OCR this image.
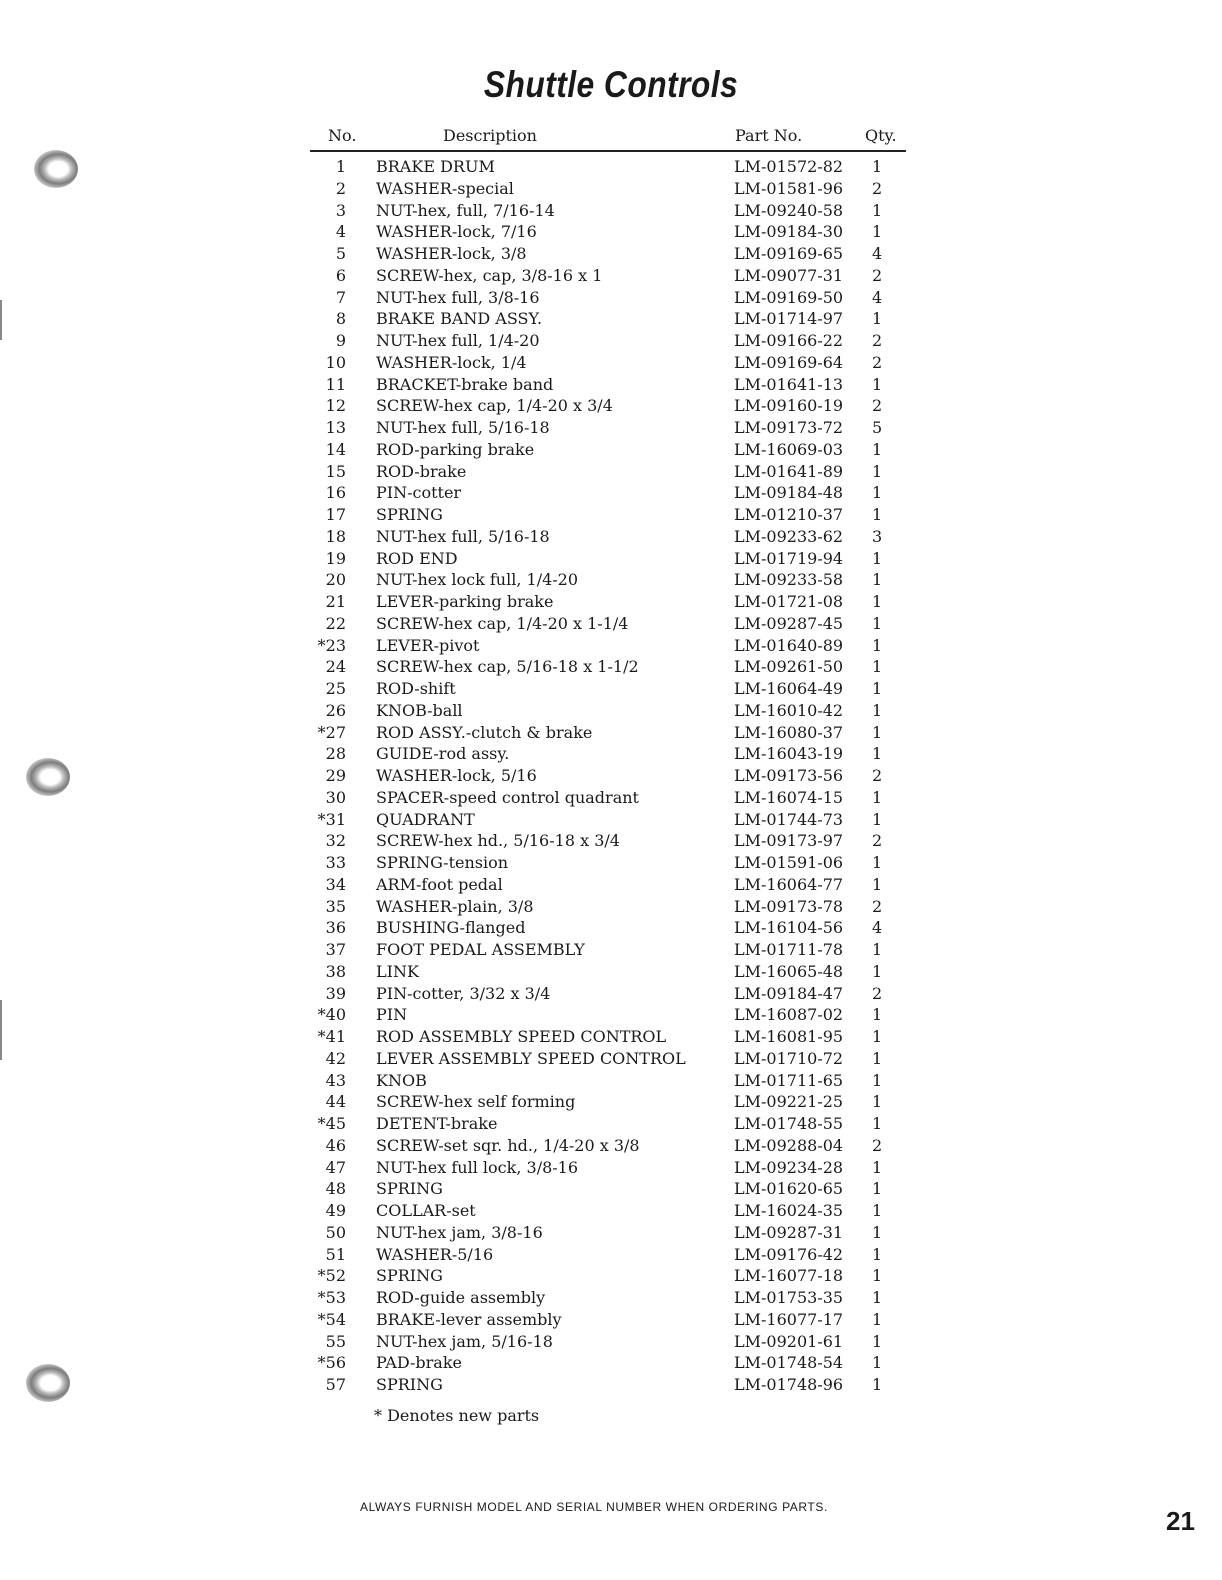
Shuttle Controls
No.	Description	Part No.	Qty.
1 BRAKE DRUM	LM-01572-82 1
2 WASHER-special	LM-01581-96 2
3 NUT-hex, full, 7/16-14	LM-09240-58 1
4 WASHER-lock, 7/16	LM-09184-30 1
5 WASHER-lock, 3/8	LM-09169-65 4
6 SCREW-hex, cap, 3/8-16 x 1	LM-09077-31 2
7 NUT-hex full, 3/8-16	LM-09169-50 4
8 BRAKE BAND ASSY.	LM-01714-97 1
9 NUT-hex full, 1/4-20	LM-09166-22 2
10 WASHER-lock, 1/4	LM-09169-64 2
11 BRACKET-brake band	LM-01641-13 1
12 SCREW-hex cap, 1/4-20 x 3/4	LM-09160-19 2
13 NUT-hex full, 5/16-18	LM-09173-72 5
14 ROD-parking brake	LM-16069-03 1
15 ROD-brake	LM-01641-89 1
16 PIN-cotter	LM-09184-48 1
17 SPRING	LM-01210-37 1
18 NUT-hex full, 5/16-18	LM-09233-62 3
19 ROD END	LM-01719-94 1
20 NUT-hex lock full, 1/4-20	LM-09233-58 1
21 LEVER-parking brake	LM-01721-08 1
22 SCREW-hex cap, 1/4-20 x 1-1/4	LM-09287-45 1
*23 LEVER-pivot	LM-01640-89 1
24 SCREW-hex cap, 5/16-18 x 1-1/2	LM-09261-50 1
25 ROD-shift	LM-16064-49 1
26 KNOB-ball	LM-16010-42 1
*27 ROD ASSY.-clutch & brake	LM-16080-37 1
28 GUIDE-rod assy.	LM-16043-19 1
29 WASHER-lock, 5/16	LM-09173-56 2
30 SPACER-speed control quadrant	LM-16074-15 1
*31 QUADRANT	LM-01744-73 1
32 SCREW-hex hd., 5/16-18 x 3/4	LM-09173-97 2
33 SPRING-tension	LM-01591-06 1
34 ARM-foot pedal	LM-16064-77 1
35 WASHER-plain, 3/8	LM-09173-78 2
36 BUSHING-flanged	LM-16104-56 4
37 FOOT PEDAL ASSEMBLY	LM-01711-78 1
38 LINK	LM-16065-48 1
39 PIN-cotter, 3/32 x 3/4	LM-09184-47 2
*40 PIN	LM-16087-02 1
*41 ROD ASSEMBLY SPEED CONTROL	LM-16081-95 1
42 LEVER ASSEMBLY SPEED CONTROL	LM-01710-72 1
43 KNOB	LM-01711-65 1
44 SCREW-hex self forming	LM-09221-25 1
*45 DETENT-brake	LM-01748-55 1
46 SCREW-set sqr. hd., 1/4-20 x 3/8	LM-09288-04 2
47 NUT-hex full lock, 3/8-16	LM-09234-28 1
48 SPRING	LM-01620-65 1
49 COLLAR-set	LM-16024-35 1
50 NUT-hex jam, 3/8-16	LM-09287-31 1
51 WASHER-5/16	LM-09176-42 1
*52 SPRING	LM-16077-18 1
*53 ROD-guide assembly	LM-01753-35 1
*54 BRAKE-lever assembly	LM-16077-17 1
55 NUT-hex jam, 5/16-18	LM-09201-61 1
*56 PAD-brake	LM-01748-54 1
57 SPRING	LM-01748-96 1
* Denotes new parts
ALWAYS FURNISH MODEL AND SERIAL NUMBER WHEN ORDERING PARTS.	21
